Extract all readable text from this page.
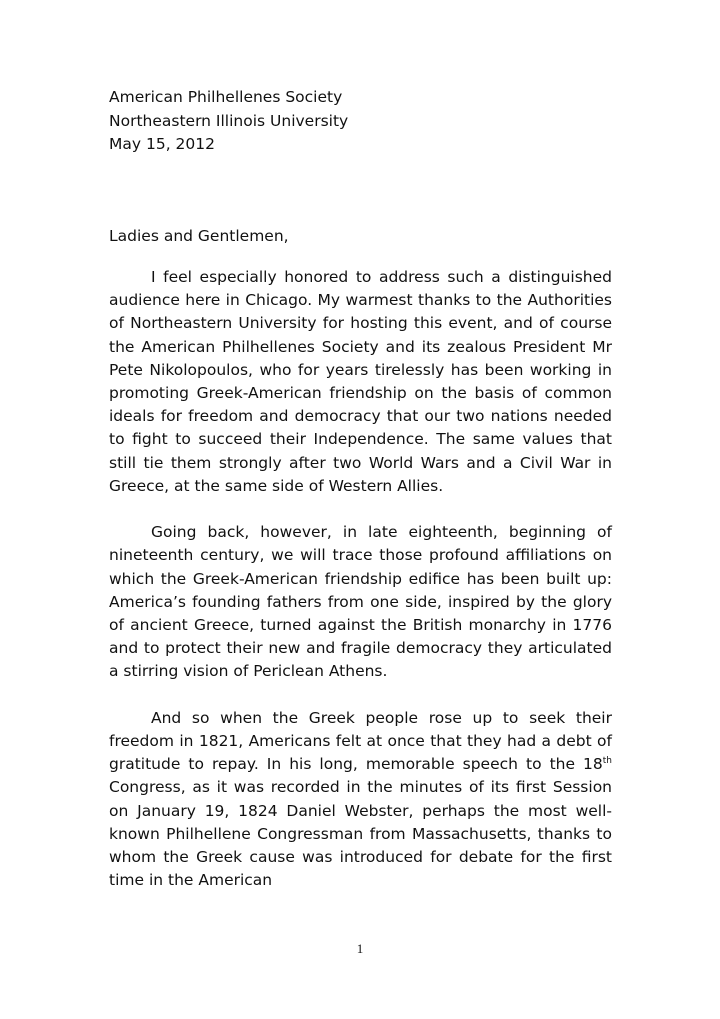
American Philhellenes Society
Northeastern Illinois University
May 15, 2012
Ladies and Gentlemen,

I feel especially honored to address such a distinguished audience here in Chicago. My warmest thanks to the Authorities of Northeastern University for hosting this event, and of course the American Philhellenes Society and its zealous President Mr Pete Nikolopoulos, who for years tirelessly has been working in promoting Greek-American friendship on the basis of common ideals for freedom and democracy that our two nations needed to fight to succeed their Independence. The same values that still tie them strongly after two World Wars and a Civil War in Greece, at the same side of Western Allies.

Going back, however, in late eighteenth, beginning of nineteenth century, we will trace those profound affiliations on which the Greek-American friendship edifice has been built up: America’s founding fathers from one side, inspired by the glory of ancient Greece, turned against the British monarchy in 1776 and to protect their new and fragile democracy they articulated a stirring vision of Periclean Athens.

And so when the Greek people rose up to seek their freedom in 1821, Americans felt at once that they had a debt of gratitude to repay. In his long, memorable speech to the 18th Congress, as it was recorded in the minutes of its first Session on January 19, 1824 Daniel Webster, perhaps the most well-known Philhellene Congressman from Massachusetts, thanks to whom the Greek cause was introduced for debate for the first time in the American

1
